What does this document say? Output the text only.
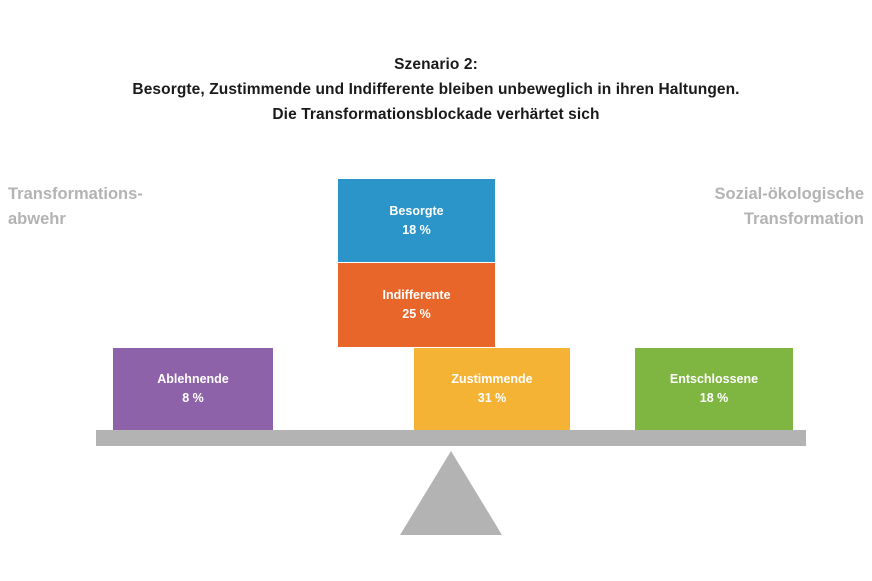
Szenario 2:
Besorgte, Zustimmende und Indifferente bleiben unbeweglich in ihren Haltungen.
Die Transformationsblockade verhärtet sich
Transformations-
abwehr
Sozial-ökologische
Transformation
Ablehnende
8 %
Zustimmende
31 %
Indifferente
25 %
Besorgte
18 %
Entschlossene
18 %
